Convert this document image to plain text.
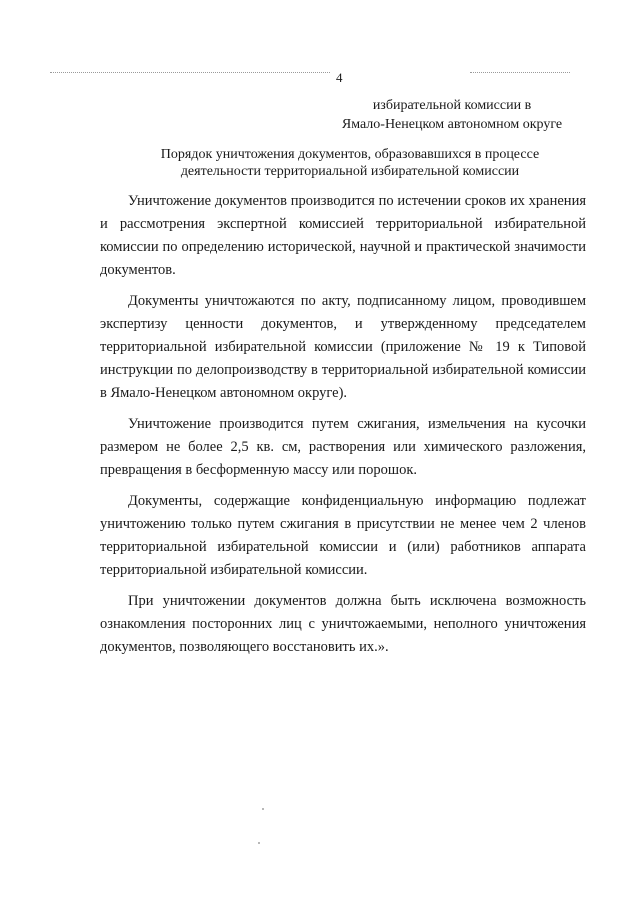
4
избирательной комиссии в
Ямало-Ненецком автономном округе
Порядок уничтожения документов, образовавшихся в процессе
деятельности территориальной избирательной комиссии

Уничтожение документов производится по истечении сроков их хранения и рассмотрения экспертной комиссией территориальной избирательной комиссии по определению исторической, научной и практической значимости документов.

Документы уничтожаются по акту, подписанному лицом, проводившем экспертизу ценности документов, и утвержденному председателем территориальной избирательной комиссии (приложение № 19 к Типовой инструкции по делопроизводству в территориальной избирательной комиссии в Ямало-Ненецком автономном округе).

Уничтожение производится путем сжигания, измельчения на кусочки размером не более 2,5 кв. см, растворения или химического разложения, превращения в бесформенную массу или порошок.

Документы, содержащие конфиденциальную информацию подлежат уничтожению только путем сжигания в присутствии не менее чем 2 членов территориальной избирательной комиссии и (или) работников аппарата территориальной избирательной комиссии.

При уничтожении документов должна быть исключена возможность ознакомления посторонних лиц с уничтожаемыми, неполного уничтожения документов, позволяющего восстановить их.».
